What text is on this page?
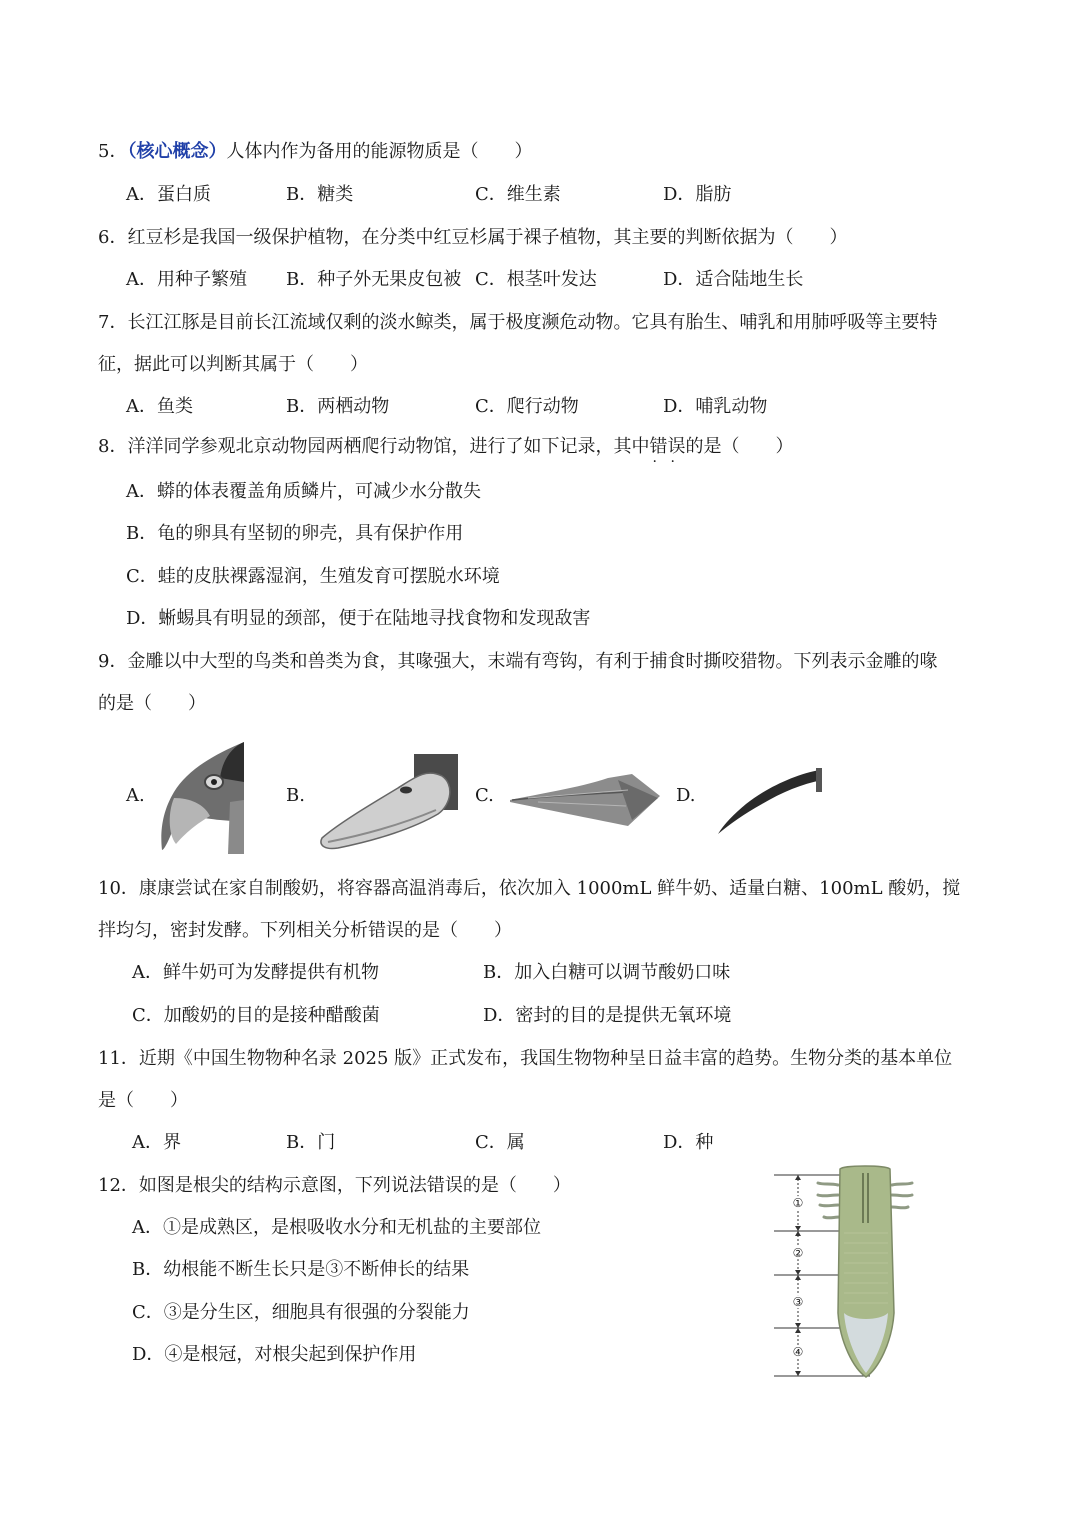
5．（核心概念）人体内作为备用的能源物质是（　　）
A．蛋白质	B．糖类	C．维生素	D．脂肪
6．红豆杉是我国一级保护植物，在分类中红豆杉属于裸子植物，其主要的判断依据为（　　）
A．用种子繁殖 B．种子外无果皮包被 C．根茎叶发达	D．适合陆地生长
7．长江江豚是目前长江流域仅剩的淡水鲸类，属于极度濒危动物。它具有胎生、哺乳和用肺呼吸等主要特
征，据此可以判断其属于（　　）
A．鱼类	B．两栖动物	C．爬行动物	D．哺乳动物
8．洋洋同学参观北京动物园两栖爬行动物馆，进行了如下记录，其中错误
· ·
的是（　　）
A．蟒的体表覆盖角质鳞片，可减少水分散失
B．龟的卵具有坚韧的卵壳，具有保护作用
C．蛙的皮肤裸露湿润，生殖发育可摆脱水环境
D．蜥蜴具有明显的颈部，便于在陆地寻找食物和发现敌害
9．金雕以中大型的鸟类和兽类为食，其喙强大，末端有弯钩，有利于捕食时撕咬猎物。下列表示金雕的喙
的是（　　）
A.	B.	C.	D.
10．康康尝试在家自制酸奶，将容器高温消毒后，依次加入 1000mL 鲜牛奶、适量白糖、100mL 酸奶，搅
拌均匀，密封发酵。下列相关分析错误的是（　　）
A．鲜牛奶可为发酵提供有机物	B．加入白糖可以调节酸奶口味
C．加酸奶的目的是接种醋酸菌	D．密封的目的是提供无氧环境
11．近期《中国生物物种名录 2025 版》正式发布，我国生物物种呈日益丰富的趋势。生物分类的基本单位
是（　　）
A．界	B．门	C．属	D．种
12．如图是根尖的结构示意图，下列说法错误的是（　　）
A．①是成熟区，是根吸收水分和无机盐的主要部位
B．幼根能不断生长只是③不断伸长的结果
C．③是分生区，细胞具有很强的分裂能力
D．④是根冠，对根尖起到保护作用
①
②
③
④
